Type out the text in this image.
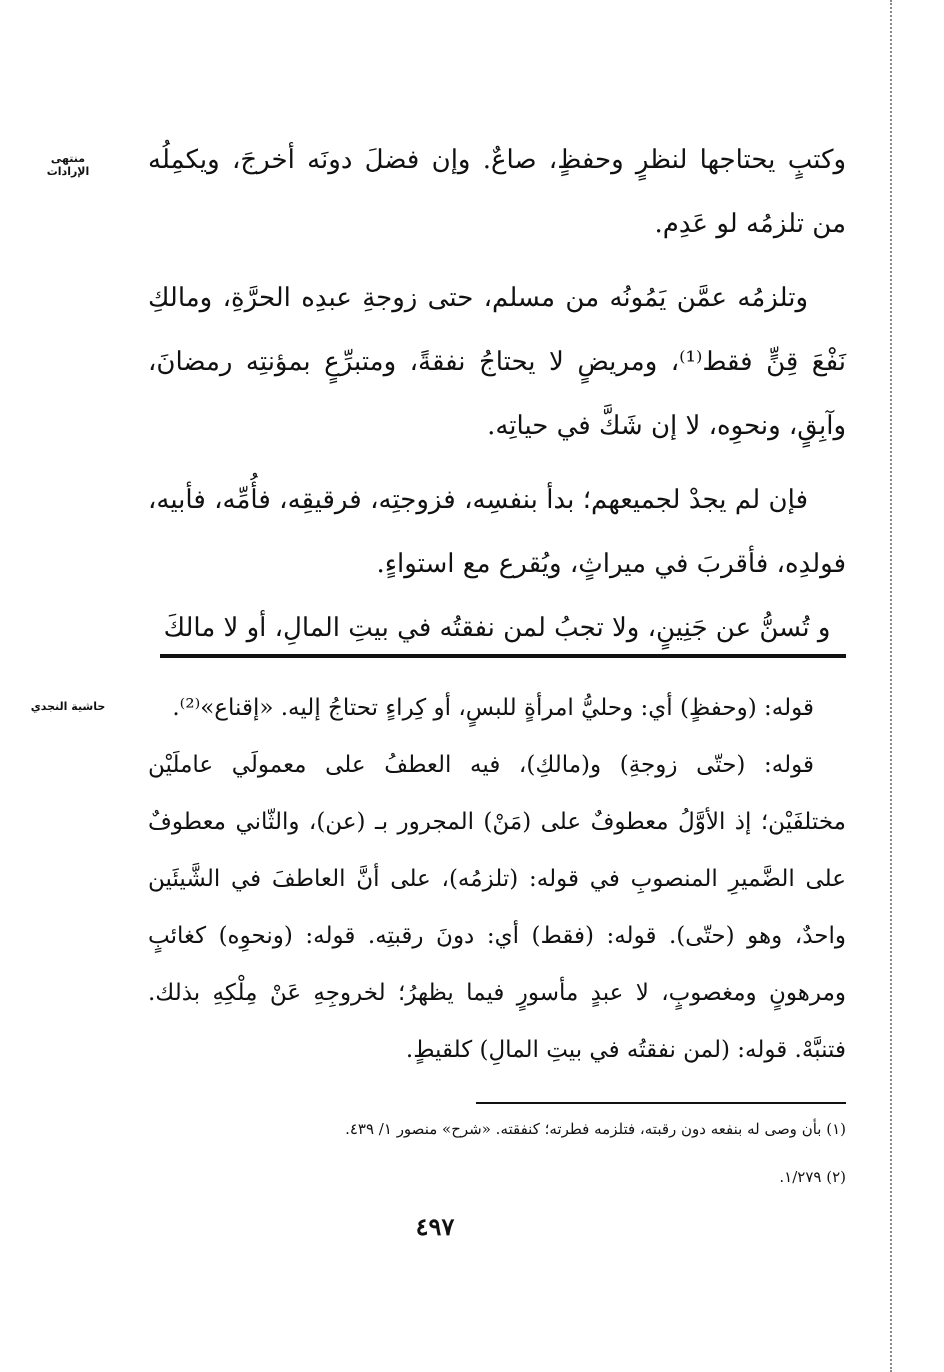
منتهى الإرادات	وكتبٍ يحتاجها لنظرٍ وحفظٍ، صاعٌ. وإن فضلَ دونَه أخرجَ، ويكمِلُه من تلزمُه لو عَدِم.

وتلزمُه عمَّن يَمُونُه من مسلم، حتى زوجةِ عبدِه الحرَّةِ، ومالكِ نَفْعَ قِنٍّ فقط⁽¹⁾، ومريضٍ لا يحتاجُ نفقةً، ومتبرِّعٍ بمؤنتِه رمضانَ، وآبِقٍ، ونحوِه، لا إن شَكَّ في حياتِه.

فإن لم يجدْ لجميعهم؛ بدأ بنفسِه، فزوجتِه، فرقيقِه، فأُمِّه، فأبيه، فولدِه، فأقربَ في ميراثٍ، ويُقرع مع استواءٍ.

و تُسنُّ عن جَنِينٍ، ولا تجبُ لمن نفقتُه في بيتِ المالِ، أو لا مالكَ

حاشية النجدي	قوله: (وحفظٍ) أي: وحليُّ امرأةٍ للبسٍ، أو كِراءٍ تحتاجُ إليه. «إقناع»⁽²⁾.

قوله: (حتّى زوجةِ) و(مالكِ)، فيه العطفُ على معمولَي عاملَيْن مختلفَيْن؛ إذ الأوَّلُ معطوفٌ على (مَنْ) المجرور بـ (عن)، والثّاني معطوفٌ على الضَّميرِ المنصوبِ في قوله: (تلزمُه)، على أنَّ العاطفَ في الشَّيئَين واحدٌ، وهو (حتّى). قوله: (فقط) أي: دونَ رقبتِه. قوله: (ونحوِه) كغائبٍ ومرهونٍ ومغصوبٍ، لا عبدٍ مأسورٍ فيما يظهرُ؛ لخروجِهِ عَنْ مِلْكِهِ بذلك. فتنبَّهْ. قوله: (لمن نفقتُه في بيتِ المالِ) كلقيطٍ.

(١) بأن وصى له بنفعه دون رقبته، فتلزمه فطرته؛ كنفقته. «شرح» منصور ١/ ٤٣٩.
(٢) ١/٢٧٩.
٤٩٧
